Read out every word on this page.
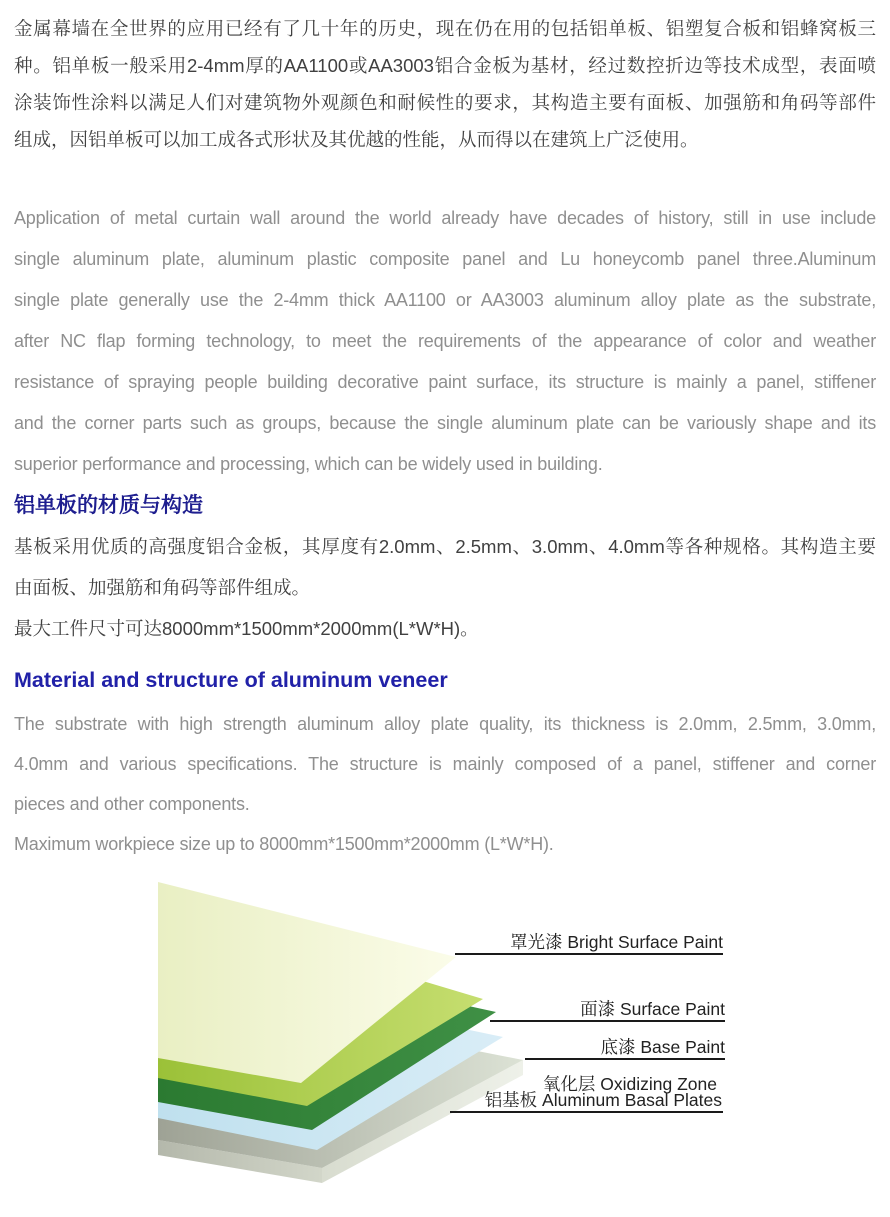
金属幕墙在全世界的应用已经有了几十年的历史，现在仍在用的包括铝单板、铝塑复合板和铝蜂窝板三
种。铝单板一般采用2-4mm厚的AA1100或AA3003铝合金板为基材，经过数控折边等技术成型，表面喷
涂装饰性涂料以满足人们对建筑物外观颜色和耐候性的要求，其构造主要有面板、加强筋和角码等部件
组成，因铝单板可以加工成各式形状及其优越的性能，从而得以在建筑上广泛使用。
Application of metal curtain wall around the world already have decades of history, still in use include
single aluminum plate, aluminum plastic composite panel and Lu honeycomb panel three.Aluminum
single plate generally use the 2-4mm thick AA1100 or AA3003 aluminum alloy plate as the substrate,
after NC flap forming technology, to meet the requirements of the appearance of color and weather
resistance of spraying people building decorative paint surface, its structure is mainly a panel, stiffener
and the corner parts such as groups, because the single aluminum plate can be variously shape and its
superior performance and processing, which can be widely used in building.
铝单板的材质与构造
基板采用优质的高强度铝合金板，其厚度有2.0mm、2.5mm、3.0mm、4.0mm等各种规格。其构造主要
由面板、加强筋和角码等部件组成。
最大工件尺寸可达8000mm*1500mm*2000mm(L*W*H)。
Material and structure of aluminum veneer
The substrate with high strength aluminum alloy plate quality, its thickness is 2.0mm, 2.5mm, 3.0mm,
4.0mm and various specifications. The structure is mainly composed of a panel, stiffener and corner
pieces and other components.
Maximum workpiece size up to 8000mm*1500mm*2000mm (L*W*H).
罩光漆 Bright Surface Paint
面漆 Surface Paint
底漆 Base Paint
氧化层 Oxidizing Zone
铝基板 Aluminum Basal Plates
